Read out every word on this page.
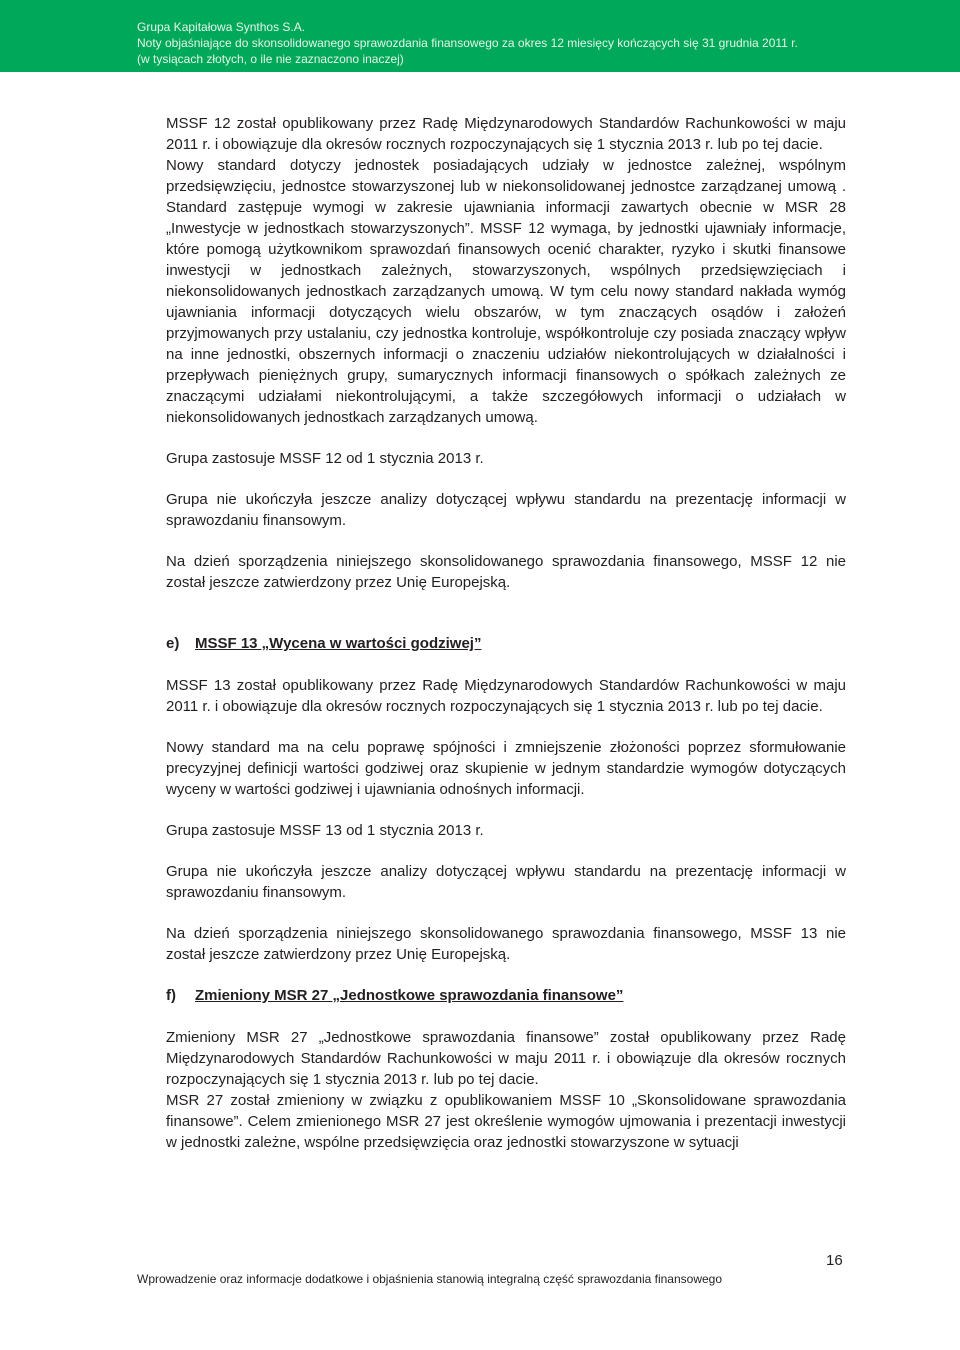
Grupa Kapitałowa Synthos S.A.
Noty objaśniające do skonsolidowanego sprawozdania finansowego za okres 12 miesięcy kończących się 31 grudnia 2011 r.
(w tysiącach złotych, o ile nie zaznaczono inaczej)

MSSF 12 został opublikowany przez Radę Międzynarodowych Standardów Rachunkowości w maju 2011 r. i obowiązuje dla okresów rocznych rozpoczynających się 1 stycznia 2013 r. lub po tej dacie.

Nowy standard dotyczy jednostek posiadających udziały w jednostce zależnej, wspólnym przedsięwzięciu, jednostce stowarzyszonej lub w niekonsolidowanej jednostce zarządzanej umową . Standard zastępuje wymogi w zakresie ujawniania informacji zawartych obecnie w MSR 28 „Inwestycje w jednostkach stowarzyszonych”. MSSF 12 wymaga, by jednostki ujawniały informacje, które pomogą użytkownikom sprawozdań finansowych ocenić charakter, ryzyko i skutki finansowe inwestycji w jednostkach zależnych, stowarzyszonych, wspólnych przedsięwzięciach i niekonsolidowanych jednostkach zarządzanych umową. W tym celu nowy standard nakłada wymóg ujawniania informacji dotyczących wielu obszarów, w tym znaczących osądów i założeń przyjmowanych przy ustalaniu, czy jednostka kontroluje, współkontroluje czy posiada znaczący wpływ na inne jednostki, obszernych informacji o znaczeniu udziałów niekontrolujących w działalności i przepływach pieniężnych grupy, sumarycznych informacji finansowych o spółkach zależnych ze znaczącymi udziałami niekontrolującymi, a także szczegółowych informacji o udziałach w niekonsolidowanych jednostkach zarządzanych umową.

Grupa zastosuje MSSF 12 od 1 stycznia 2013 r.

Grupa nie ukończyła jeszcze analizy dotyczącej wpływu standardu na prezentację informacji w sprawozdaniu finansowym.

Na dzień sporządzenia niniejszego skonsolidowanego sprawozdania finansowego, MSSF 12 nie został jeszcze zatwierdzony przez Unię Europejską.

e)	MSSF 13 „Wycena w wartości godziwej”

MSSF 13 został opublikowany przez Radę Międzynarodowych Standardów Rachunkowości w maju 2011 r. i obowiązuje dla okresów rocznych rozpoczynających się 1 stycznia 2013 r. lub po tej dacie.

Nowy standard ma na celu poprawę spójności i zmniejszenie złożoności poprzez sformułowanie precyzyjnej definicji wartości godziwej oraz skupienie w jednym standardzie wymogów dotyczących wyceny w wartości godziwej i ujawniania odnośnych informacji.

Grupa zastosuje MSSF 13 od 1 stycznia 2013 r.

Grupa nie ukończyła jeszcze analizy dotyczącej wpływu standardu na prezentację informacji w sprawozdaniu finansowym.

Na dzień sporządzenia niniejszego skonsolidowanego sprawozdania finansowego, MSSF 13 nie został jeszcze zatwierdzony przez Unię Europejską.

f)	Zmieniony MSR 27 „Jednostkowe sprawozdania finansowe”

Zmieniony MSR 27 „Jednostkowe sprawozdania finansowe” został opublikowany przez Radę Międzynarodowych Standardów Rachunkowości w maju 2011 r. i obowiązuje dla okresów rocznych rozpoczynających się 1 stycznia 2013 r. lub po tej dacie.

MSR 27 został zmieniony w związku z opublikowaniem MSSF 10 „Skonsolidowane sprawozdania finansowe”. Celem zmienionego MSR 27 jest określenie wymogów ujmowania i prezentacji inwestycji w jednostki zależne, wspólne przedsięwzięcia oraz jednostki stowarzyszone w sytuacji

16
Wprowadzenie oraz informacje dodatkowe i objaśnienia stanowią integralną część sprawozdania finansowego
